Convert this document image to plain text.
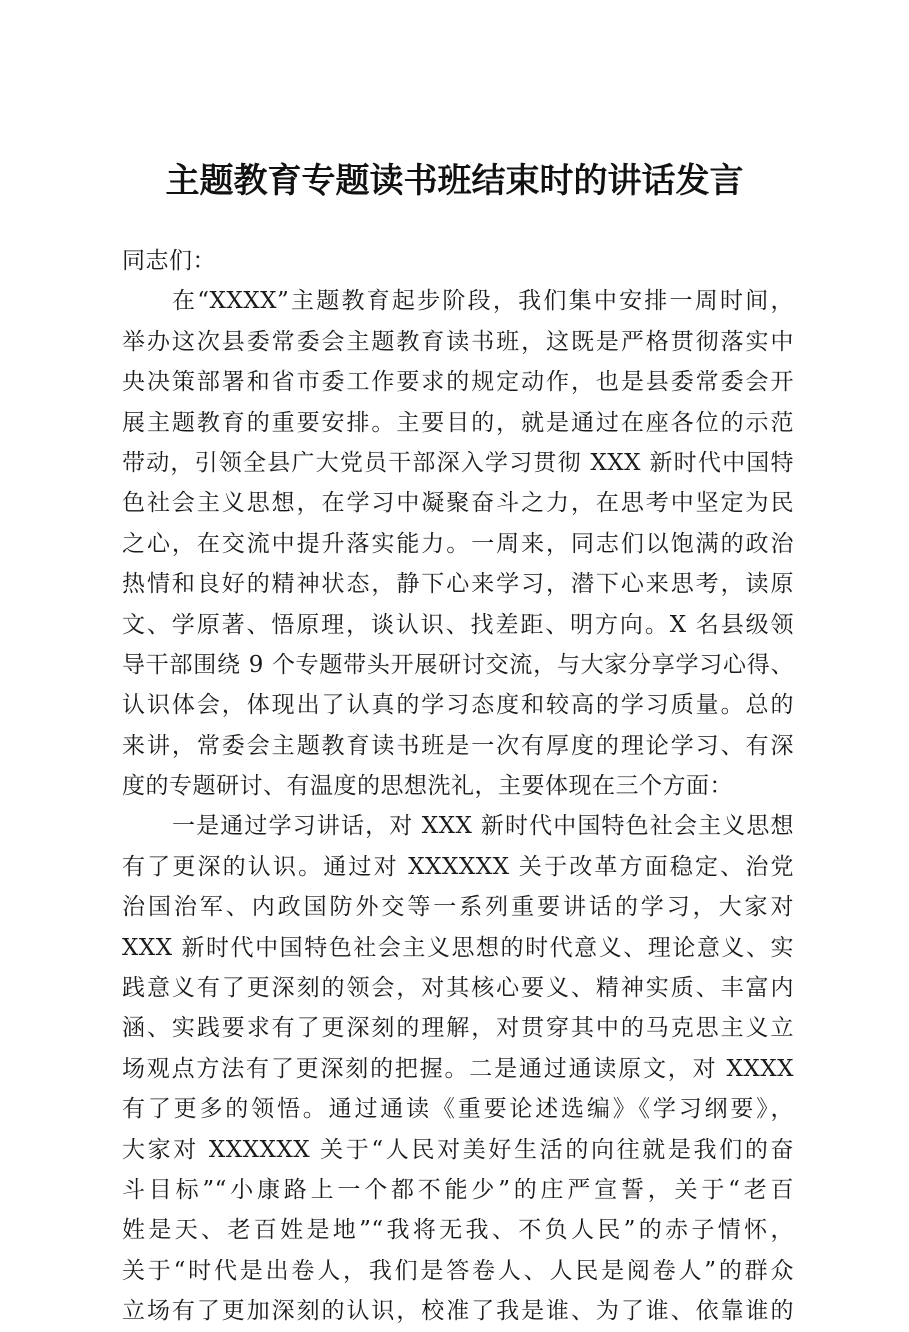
主题教育专题读书班结束时的讲话发言
同志们：
在“XXXX”主题教育起步阶段，我们集中安排一周时间，
举办这次县委常委会主题教育读书班，这既是严格贯彻落实中
央决策部署和省市委工作要求的规定动作，也是县委常委会开
展主题教育的重要安排。主要目的，就是通过在座各位的示范
带动，引领全县广大党员干部深入学习贯彻 XXX 新时代中国特
色社会主义思想，在学习中凝聚奋斗之力，在思考中坚定为民
之心，在交流中提升落实能力。一周来，同志们以饱满的政治
热情和良好的精神状态，静下心来学习，潜下心来思考，读原
文、学原著、悟原理，谈认识、找差距、明方向。X 名县级领
导干部围绕 9 个专题带头开展研讨交流，与大家分享学习心得、
认识体会，体现出了认真的学习态度和较高的学习质量。总的
来讲，常委会主题教育读书班是一次有厚度的理论学习、有深
度的专题研讨、有温度的思想洗礼，主要体现在三个方面：
一是通过学习讲话，对 XXX 新时代中国特色社会主义思想
有了更深的认识。通过对 XXXXXX 关于改革方面稳定、治党
治国治军、内政国防外交等一系列重要讲话的学习，大家对
XXX 新时代中国特色社会主义思想的时代意义、理论意义、实
践意义有了更深刻的领会，对其核心要义、精神实质、丰富内
涵、实践要求有了更深刻的理解，对贯穿其中的马克思主义立
场观点方法有了更深刻的把握。二是通过通读原文，对 XXXX
有了更多的领悟。通过通读《重要论述选编》《学习纲要》，
大家对 XXXXXX 关于“人民对美好生活的向往就是我们的奋
斗目标”“小康路上一个都不能少”的庄严宣誓，关于“老百
姓是天、老百姓是地”“我将无我、不负人民”的赤子情怀，
关于“时代是出卷人，我们是答卷人、人民是阅卷人”的群众
立场有了更加深刻的认识，校准了我是谁、为了谁、依靠谁的
